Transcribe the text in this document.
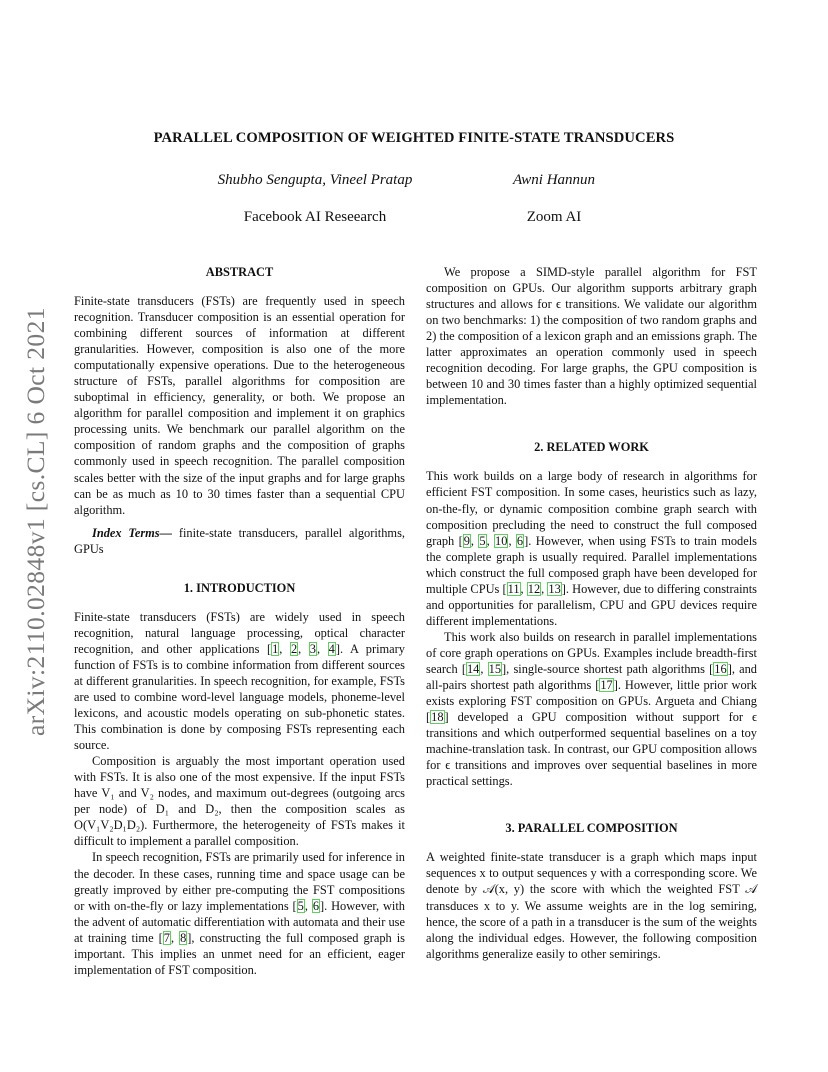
arXiv:2110.02848v1 [cs.CL] 6 Oct 2021
PARALLEL COMPOSITION OF WEIGHTED FINITE-STATE TRANSDUCERS
Shubho Sengupta, Vineel Pratap
Facebook AI Reseearch
Awni Hannun
Zoom AI
ABSTRACT

Finite-state transducers (FSTs) are frequently used in speech recognition. Transducer composition is an essential operation for combining different sources of information at different granularities. However, composition is also one of the more computationally expensive operations. Due to the heterogeneous structure of FSTs, parallel algorithms for composition are suboptimal in efficiency, generality, or both. We propose an algorithm for parallel composition and implement it on graphics processing units. We benchmark our parallel algorithm on the composition of random graphs and the composition of graphs commonly used in speech recognition. The parallel composition scales better with the size of the input graphs and for large graphs can be as much as 10 to 30 times faster than a sequential CPU algorithm.

Index Terms— finite-state transducers, parallel algorithms, GPUs

1. INTRODUCTION

Finite-state transducers (FSTs) are widely used in speech recognition, natural language processing, optical character recognition, and other applications [1, 2, 3, 4]. A primary function of FSTs is to combine information from different sources at different granularities. In speech recognition, for example, FSTs are used to combine word-level language models, phoneme-level lexicons, and acoustic models operating on sub-phonetic states. This combination is done by composing FSTs representing each source.

Composition is arguably the most important operation used with FSTs. It is also one of the most expensive. If the input FSTs have V₁ and V₂ nodes, and maximum out-degrees (outgoing arcs per node) of D₁ and D₂, then the composition scales as O(V₁V₂D₁D₂). Furthermore, the heterogeneity of FSTs makes it difficult to implement a parallel composition.

In speech recognition, FSTs are primarily used for inference in the decoder. In these cases, running time and space usage can be greatly improved by either pre-computing the FST compositions or with on-the-fly or lazy implementations [5, 6]. However, with the advent of automatic differentiation with automata and their use at training time [7, 8], constructing the full composed graph is important. This implies an unmet need for an efficient, eager implementation of FST composition.

We propose a SIMD-style parallel algorithm for FST composition on GPUs. Our algorithm supports arbitrary graph structures and allows for ϵ transitions. We validate our algorithm on two benchmarks: 1) the composition of two random graphs and 2) the composition of a lexicon graph and an emissions graph. The latter approximates an operation commonly used in speech recognition decoding. For large graphs, the GPU composition is between 10 and 30 times faster than a highly optimized sequential implementation.

2. RELATED WORK

This work builds on a large body of research in algorithms for efficient FST composition. In some cases, heuristics such as lazy, on-the-fly, or dynamic composition combine graph search with composition precluding the need to construct the full composed graph [9, 5, 10, 6]. However, when using FSTs to train models the complete graph is usually required. Parallel implementations which construct the full composed graph have been developed for multiple CPUs [11, 12, 13]. However, due to differing constraints and opportunities for parallelism, CPU and GPU devices require different implementations.

This work also builds on research in parallel implementations of core graph operations on GPUs. Examples include breadth-first search [14, 15], single-source shortest path algorithms [16], and all-pairs shortest path algorithms [17]. However, little prior work exists exploring FST composition on GPUs. Argueta and Chiang [18] developed a GPU composition without support for ϵ transitions and which outperformed sequential baselines on a toy machine-translation task. In contrast, our GPU composition allows for ϵ transitions and improves over sequential baselines in more practical settings.

3. PARALLEL COMPOSITION

A weighted finite-state transducer is a graph which maps input sequences x to output sequences y with a corresponding score. We denote by 𝒜(x, y) the score with which the weighted FST 𝒜 transduces x to y. We assume weights are in the log semiring, hence, the score of a path in a transducer is the sum of the weights along the individual edges. However, the following composition algorithms generalize easily to other semirings.
